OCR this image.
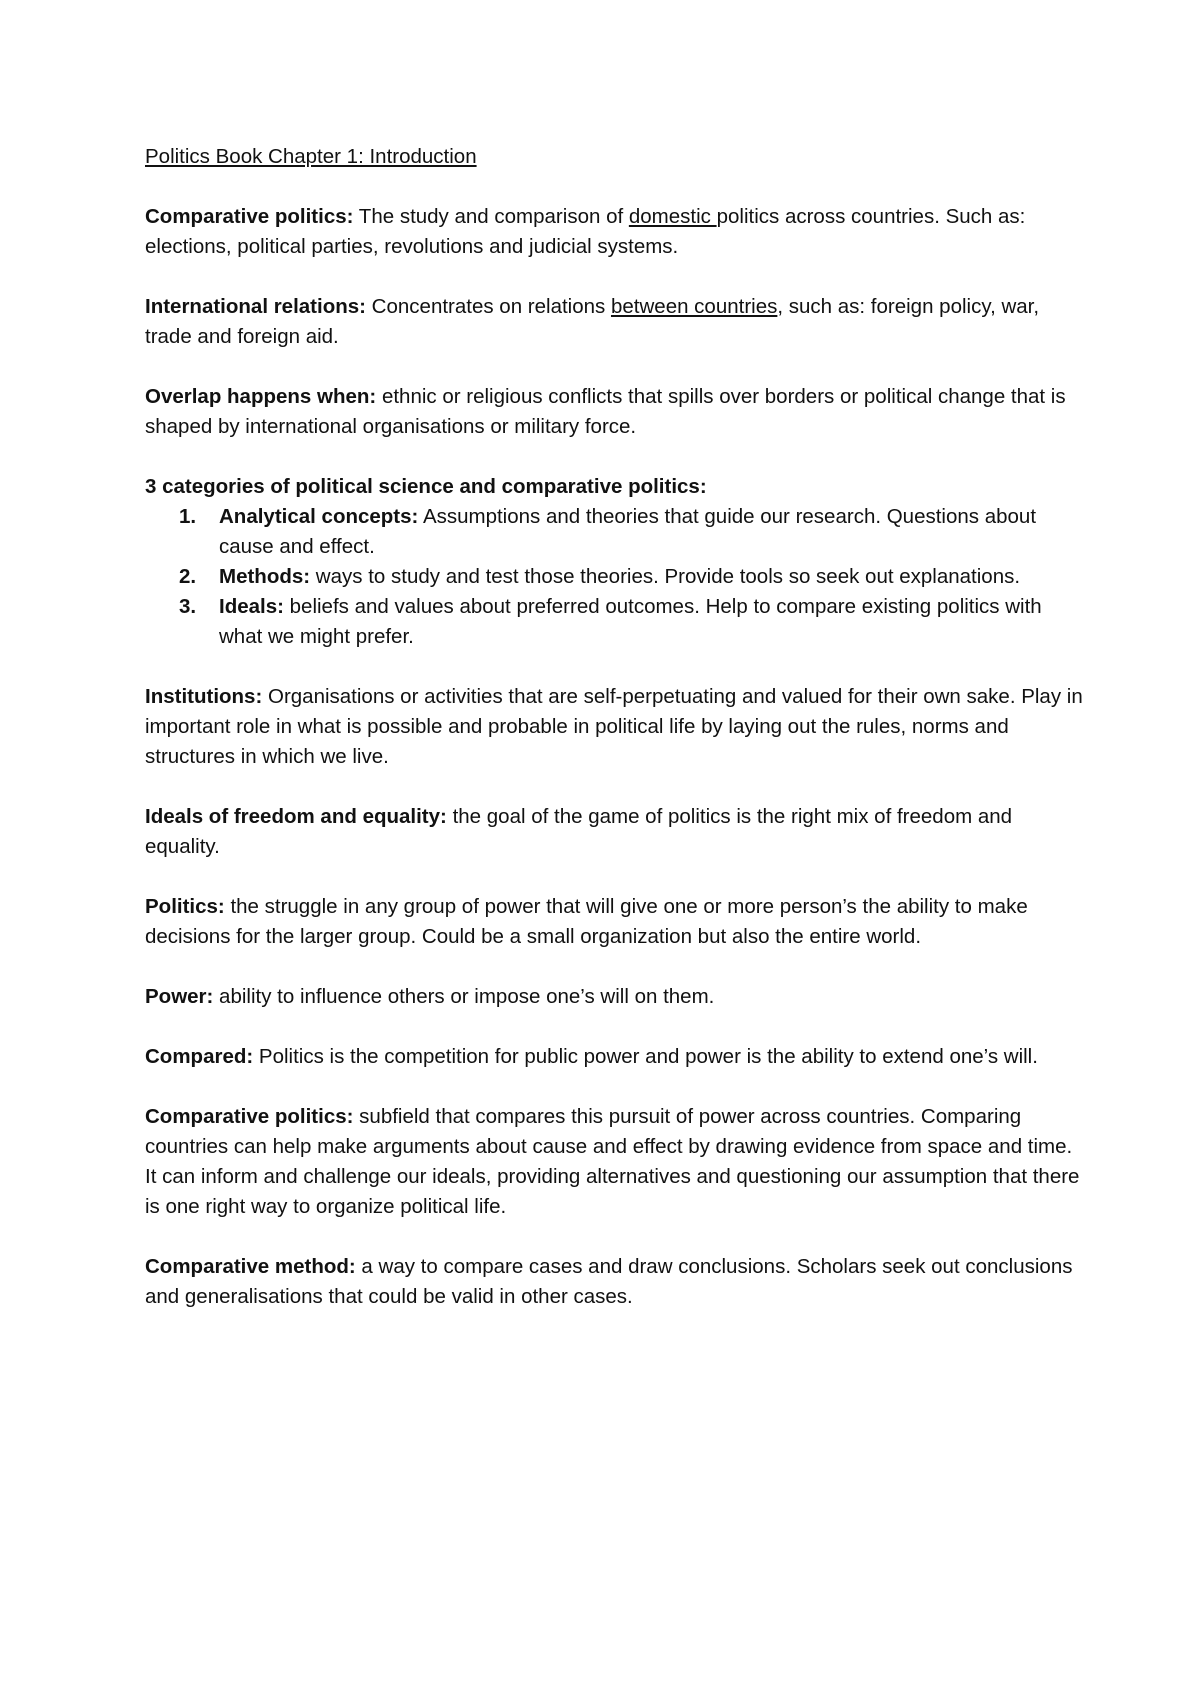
Politics Book Chapter 1: Introduction

Comparative politics: The study and comparison of domestic politics across countries. Such as: elections, political parties, revolutions and judicial systems.

International relations: Concentrates on relations between countries, such as: foreign policy, war, trade and foreign aid.

Overlap happens when: ethnic or religious conflicts that spills over borders or political change that is shaped by international organisations or military force.

3 categories of political science and comparative politics:
1. Analytical concepts: Assumptions and theories that guide our research. Questions about cause and effect.
2. Methods: ways to study and test those theories. Provide tools so seek out explanations.
3. Ideals: beliefs and values about preferred outcomes. Help to compare existing politics with what we might prefer.

Institutions: Organisations or activities that are self-perpetuating and valued for their own sake. Play in important role in what is possible and probable in political life by laying out the rules, norms and structures in which we live.

Ideals of freedom and equality: the goal of the game of politics is the right mix of freedom and equality.

Politics: the struggle in any group of power that will give one or more person’s the ability to make decisions for the larger group. Could be a small organization but also the entire world.

Power: ability to influence others or impose one’s will on them.

Compared: Politics is the competition for public power and power is the ability to extend one’s will.

Comparative politics: subfield that compares this pursuit of power across countries. Comparing countries can help make arguments about cause and effect by drawing evidence from space and time. It can inform and challenge our ideals, providing alternatives and questioning our assumption that there is one right way to organize political life.

Comparative method: a way to compare cases and draw conclusions. Scholars seek out conclusions and generalisations that could be valid in other cases.
